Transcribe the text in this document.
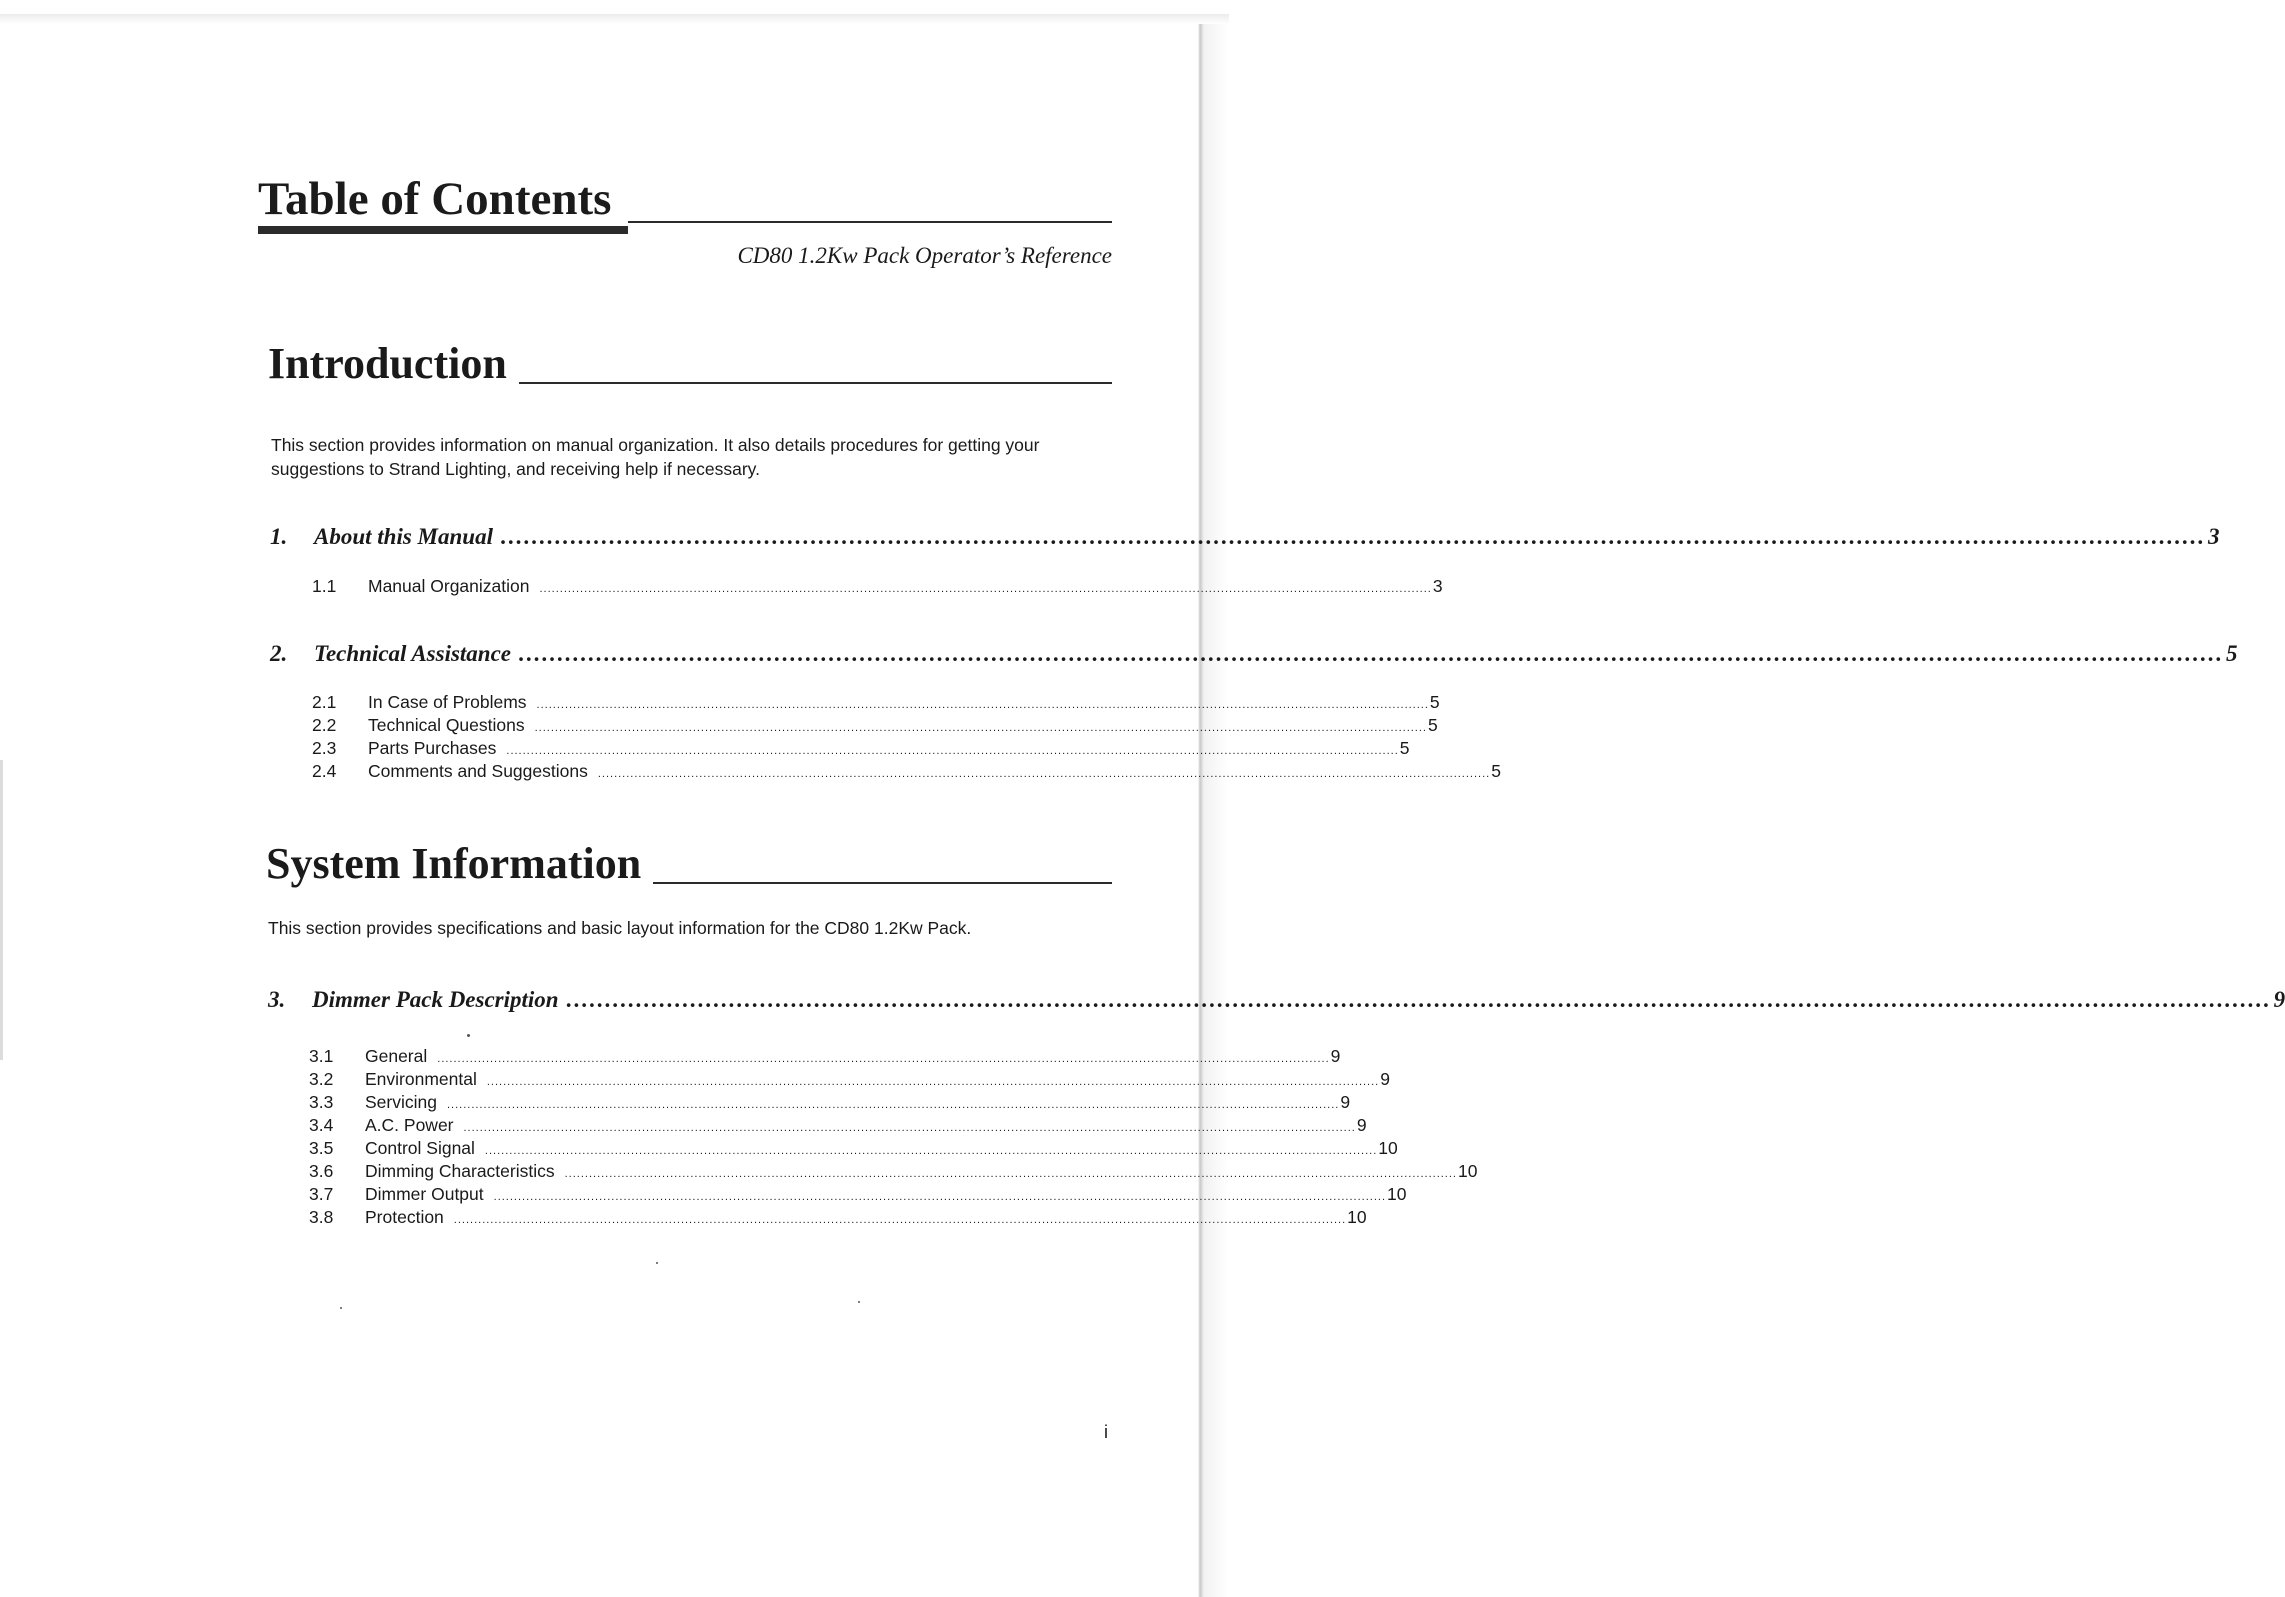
Table of Contents
CD80 1.2Kw Pack Operator’s Reference
Introduction
This section provides information on manual organization. It also details procedures for getting your suggestions to Strand Lighting, and receiving help if necessary.
1.	About this Manual ............................................................................................................................................................................................................................ 3
1.1	Manual Organization ............................................................................................................................................................................................................................ 3
2.	Technical Assistance ............................................................................................................................................................................................................................ 5
2.1	In Case of Problems ............................................................................................................................................................................................................................ 5
2.2	Technical Questions ............................................................................................................................................................................................................................ 5
2.3	Parts Purchases ............................................................................................................................................................................................................................ 5
2.4	Comments and Suggestions ............................................................................................................................................................................................................................ 5
System Information
This section provides specifications and basic layout information for the CD80 1.2Kw Pack.
3.	Dimmer Pack Description ............................................................................................................................................................................................................................ 9
3.1	General ............................................................................................................................................................................................................................ 9
3.2	Environmental ............................................................................................................................................................................................................................ 9
3.3	Servicing ............................................................................................................................................................................................................................ 9
3.4	A.C. Power ............................................................................................................................................................................................................................ 9
3.5	Control Signal ............................................................................................................................................................................................................................ 10
3.6	Dimming Characteristics ............................................................................................................................................................................................................................ 10
3.7	Dimmer Output ............................................................................................................................................................................................................................ 10
3.8	Protection ............................................................................................................................................................................................................................ 10
i
